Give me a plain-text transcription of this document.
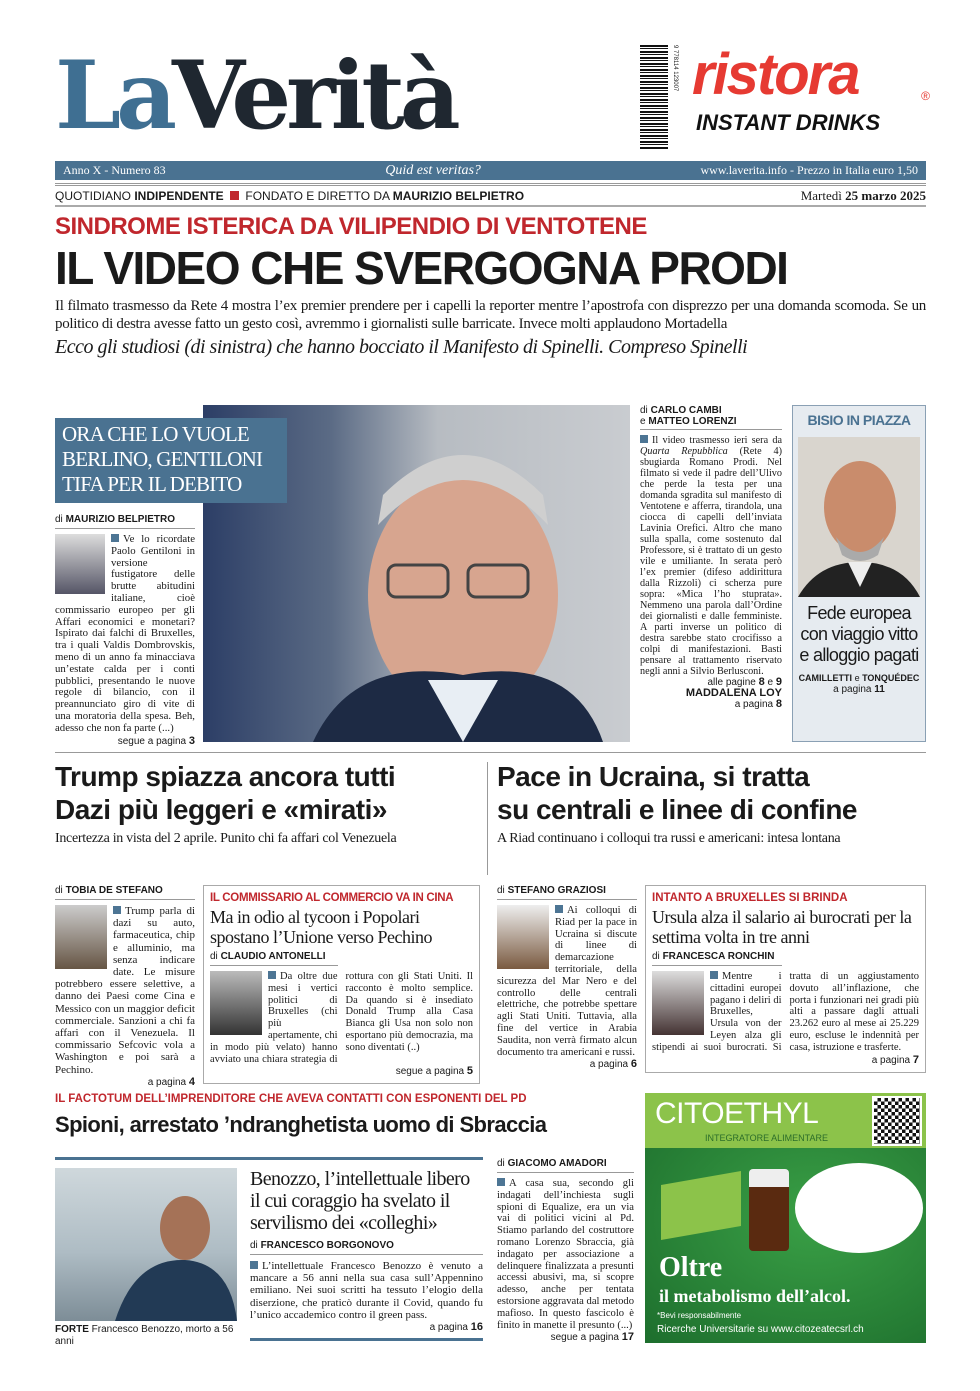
LaVerità	9 778114 123007 ristora	®
INSTANT DRINKS
Anno X - Numero 83	Quid est veritas?	www.laverita.info - Prezzo in Italia euro 1,50
QUOTIDIANO INDIPENDENTE  FONDATO E DIRETTO DA MAURIZIO BELPIETRO	Martedì 25 marzo 2025
SINDROME ISTERICA DA VILIPENDIO DI VENTOTENE
IL VIDEO CHE SVERGOGNA PRODI
Il filmato trasmesso da Rete 4 mostra l’ex premier prendere per i capelli la reporter mentre l’apostrofa con disprezzo per una domanda scomoda. Se un politico di destra avesse fatto un gesto così, avremmo i giornalisti sulle barricate. Invece molti applaudono Mortadella
Ecco gli studiosi (di sinistra) che hanno bocciato il Manifesto di Spinelli. Compreso Spinelli
ORA CHE LO VUOLE
BERLINO, GENTILONI
TIFA PER IL DEBITO
di MAURIZIO BELPIETRO
Ve lo ricordate Paolo Gentiloni in versione fustigatore delle brutte abitudini italiane, cioè commissario europeo per gli Affari economici e monetari? Ispirato dai falchi di Bruxelles, tra i quali Valdis Dombrovskis, meno di un anno fa minacciava un’estate calda per i conti pubblici, presentando le nuove regole di bilancio, con il preannunciato giro di vite di una moratoria della spesa. Beh, adesso che non fa parte (...)
segue a pagina 3
di CARLO CAMBI
e MATTEO LORENZI
Il video trasmesso ieri sera da Quarta Repubblica (Rete 4) sbugiarda Romano Prodi. Nel filmato si vede il padre dell’Ulivo che perde la testa per una domanda sgradita sul manifesto di Ventotene e afferra, tirandola, una ciocca di capelli dell’inviata Lavinia Orefici. Altro che mano sulla spalla, come sostenuto dal Professore, si è trattato di un gesto vile e umiliante. In serata però l’ex premier (difeso addirittura dalla Rizzoli) ci scherza pure sopra: «Mica l’ho stuprata». Nemmeno una parola dall’Ordine dei giornalisti e dalle femministe. A parti inverse un politico di destra sarebbe stato crocifisso a colpi di manifestazioni. Basti pensare al trattamento riservato negli anni a Silvio Berlusconi.
alle pagine 8 e 9
MADDALENA LOY
a pagina 8
BISIO IN PIAZZA
Fede europea con viaggio vitto e alloggio pagati
CAMILLETTI e TONQUÉDEC
a pagina 11
Trump spiazza ancora tutti
Dazi più leggeri e «mirati»
Incertezza in vista del 2 aprile. Punito chi fa affari col Venezuela
Pace in Ucraina, si tratta
su centrali e linee di confine
A Riad continuano i colloqui tra russi e americani: intesa lontana
di TOBIA DE STEFANO
Trump parla di dazi su auto, farmaceutica, chip e alluminio, ma senza indicare date. Le misure potrebbero essere selettive, a danno dei Paesi come Cina e Messico con un maggior deficit commerciale. Sanzioni a chi fa affari con il Venezuela. Il commissario Sefcovic vola a Washington e poi sarà a Pechino.
a pagina 4
IL COMMISSARIO AL COMMERCIO VA IN CINA
Ma in odio al tycoon i Popolari spostano l’Unione verso Pechino
di CLAUDIO ANTONELLI
Da oltre due mesi i vertici politici di Bruxelles (chi più apertamente, chi in modo più velato) hanno avviato una chiara strategia di rottura con gli Stati Uniti. Il racconto è molto semplice. Da quando si è insediato Donald Trump alla Casa Bianca gli Usa non solo non esportano più democrazia, ma sono diventati (..)
segue a pagina 5
di STEFANO GRAZIOSI
Ai colloqui di Riad per la pace in Ucraina si discute di linee di demarcazione territoriale, della sicurezza del Mar Nero e del controllo delle centrali elettriche, che potrebbe spettare agli Stati Uniti. Tuttavia, alla fine del vertice in Arabia Saudita, non verrà firmato alcun documento tra americani e russi.
a pagina 6
INTANTO A BRUXELLES SI BRINDA
Ursula alza il salario ai burocrati per la settima volta in tre anni
di FRANCESCA RONCHIN
Mentre i cittadini europei pagano i deliri di Bruxelles, Ursula von der Leyen alza gli stipendi ai suoi burocrati. Si tratta di un aggiustamento dovuto all’inflazione, che porta i funzionari nei gradi più alti a passare dagli attuali 23.262 euro al mese ai 25.229 euro, escluse le indennità per casa, istruzione e trasferte.
a pagina 7
IL FACTOTUM DELL’IMPRENDITORE CHE AVEVA CONTATTI CON ESPONENTI DEL PD
Spioni, arrestato ’ndranghetista uomo di Sbraccia
FORTE Francesco Benozzo, morto a 56 anni
Benozzo, l’intellettuale libero il cui coraggio ha svelato il servilismo dei «colleghi»
di FRANCESCO BORGONOVO
L’intellettuale Francesco Benozzo è venuto a mancare a 56 anni nella sua casa sull’Appennino emiliano. Nei suoi scritti ha tessuto l’elogio della diserzione, che praticò durante il Covid, quando fu l’unico accademico contro il green pass.
a pagina 16
di GIACOMO AMADORI
A casa sua, secondo gli indagati dell’inchiesta sugli spioni di Equalize, era un via vai di politici vicini al Pd. Stiamo parlando del costruttore romano Lorenzo Sbraccia, già indagato per associazione a delinquere finalizzata a presunti accessi abusivi, ma, si scopre adesso, anche per tentata estorsione aggravata dal metodo mafioso. In questo fascicolo è finito in manette il presunto (...)
segue a pagina 17
CITOETHYL
INTEGRATORE ALIMENTARE
Oltre
il metabolismo dell’alcol.
*Bevi responsabilmente
Ricerche Universitarie su www.citozeatecsrl.ch
